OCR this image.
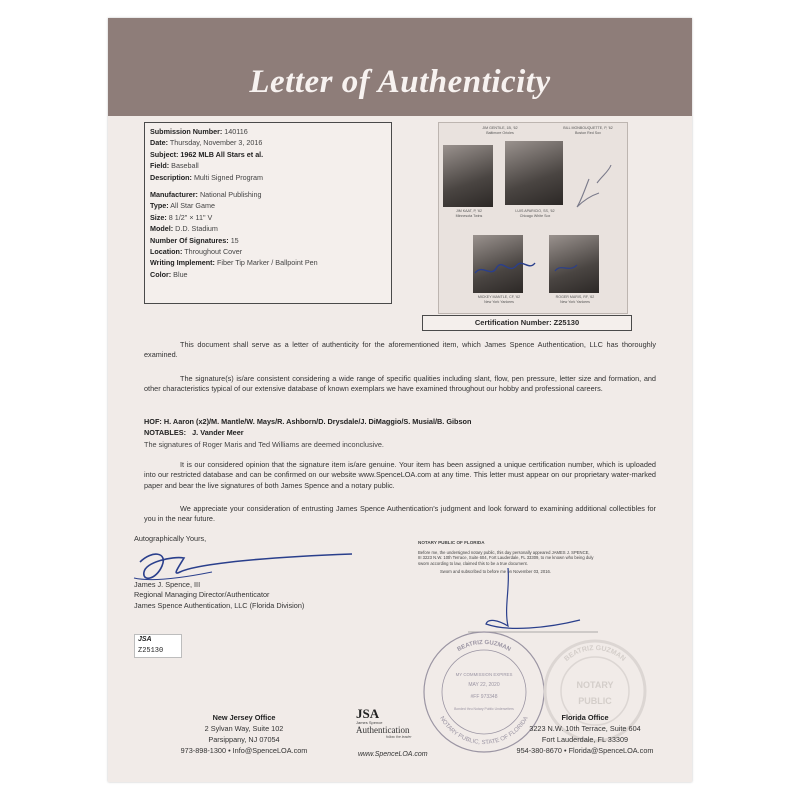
Letter of Authenticity
Submission Number: 140116
Date: Thursday, November 3, 2016
Subject: 1962 MLB All Stars et al.
Field: Baseball
Description: Multi Signed Program
Manufacturer: National Publishing
Type: All Star Game
Size: 8 1/2" × 11" V
Model: D.D. Stadium
Number Of Signatures: 15
Location: Throughout Cover
Writing Implement: Fiber Tip Marker / Ballpoint Pen
Color: Blue
JIM GENTILE, 1B, '62
Baltimore Orioles
BILL MONBOUQUETTE, P, '62
Boston Red Sox
JIM KAAT, P, '62
Minnesota Twins
LUIS APARICIO, SS, '62
Chicago White Sox
MICKEY MANTLE, CF, '62
New York Yankees
ROGER MARIS, RF, '62
New York Yankees
Certification Number: Z25130
This document shall serve as a letter of authenticity for the aforementioned item, which James Spence Authentication, LLC has thoroughly examined.
The signature(s) is/are consistent considering a wide range of specific qualities including slant, flow, pen pressure, letter size and formation, and other characteristics typical of our extensive database of known exemplars we have examined throughout our hobby and professional careers.
HOF: H. Aaron (x2)/M. Mantle/W. Mays/R. Ashborn/D. Drysdale/J. DiMaggio/S. Musial/B. Gibson
NOTABLES: J. Vander Meer
The signatures of Roger Maris and Ted Williams are deemed inconclusive.
It is our considered opinion that the signature item is/are genuine. Your item has been assigned a unique certification number, which is uploaded into our restricted database and can be confirmed on our website www.SpenceLOA.com at any time. This letter must appear on our proprietary water-marked paper and bear the live signatures of both James Spence and a notary public.
We appreciate your consideration of entrusting James Spence Authentication’s judgment and look forward to examining additional collectibles for you in the near future.
Autographically Yours,
James J. Spence, III
Regional Managing Director/Authenticator
James Spence Authentication, LLC (Florida Division)
JSA
Z25130
NOTARY PUBLIC OF FLORIDA
Before me, the undersigned notary public, this day personally appeared JAMES J. SPENCE,
III 3223 N.W. 10th Terrace, Suite 604, Fort Lauderdale, FL 33309, to me known who being duly
sworn according to law, claimed this to be a true document.
Sworn and subscribed to before me on November 03, 2016.
BEATRIZ GUZMAN
NOTARY PUBLIC, STATE OF FLORIDA
MY COMMISSION EXPIRES
MAY 22, 2020
#FF 973348
Bonded thru Notary Public Underwriters
BEATRIZ GUZMAN
NOTARY
PUBLIC
New Jersey Office
2 Sylvan Way, Suite 102
Parsippany, NJ 07054
973-898-1300 • Info@SpenceLOA.com
JSA
James Spence
Authentication
follow the leader
www.SpenceLOA.com
Florida Office
3223 N.W. 10th Terrace, Suite 604
Fort Lauderdale, FL 33309
954-380-8670 • Florida@SpenceLOA.com
